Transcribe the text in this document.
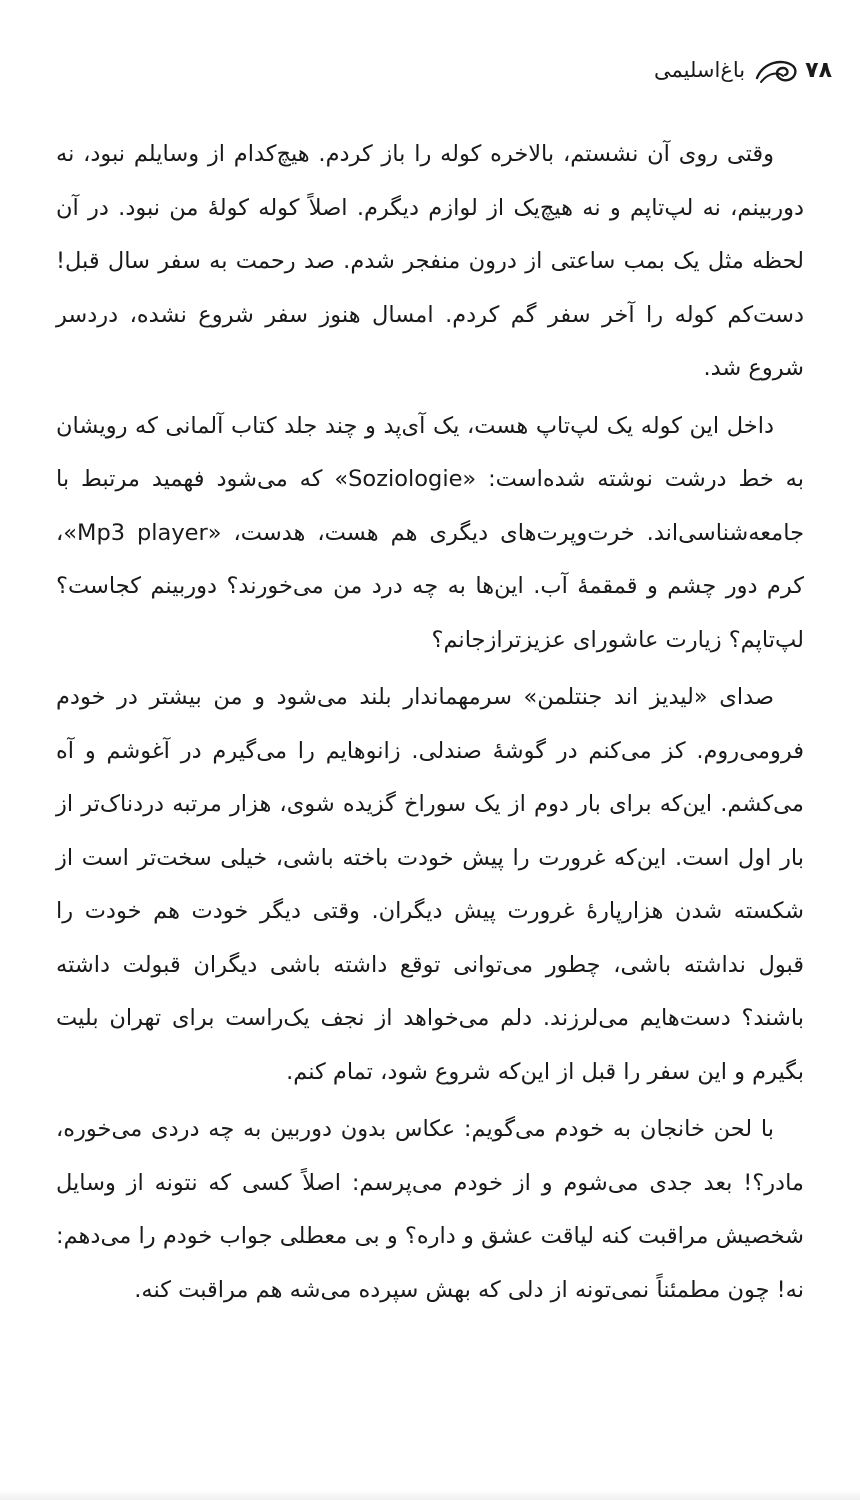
۷۸
باغ‌اسلیمی

وقتی روی آن نشستم، بالاخره کوله را باز کردم. هیچ‌کدام از وسایلم نبود، نه دوربینم، نه لپ‌تاپم و نه هیچ‌یک از لوازم دیگرم. اصلاً کوله کولهٔ من نبود. در آن لحظه مثل یک بمب ساعتی از درون منفجر شدم. صد رحمت به سفر سال قبل! دست‌کم کوله را آخر سفر گم کردم. امسال هنوز سفر شروع نشده، دردسر شروع شد.

داخل این کوله یک لپ‌تاپ هست، یک آی‌پد و چند جلد کتاب آلمانی که رویشان به خط درشت نوشته شده‌است: «Soziologie» که می‌شود فهمید مرتبط با جامعه‌شناسی‌اند. خرت‌وپرت‌های دیگری هم هست، هدست، «Mp3 player»، کرم دور چشم و قمقمهٔ آب. این‌ها به چه درد من می‌خورند؟ دوربینم کجاست؟ لپ‌تاپم؟ زیارت عاشورای عزیزترازجانم؟

صدای «لیدیز اند جنتلمن» سرمهماندار بلند می‌شود و من بیشتر در خودم فرومی‌روم. کز می‌کنم در گوشهٔ صندلی. زانوهایم را می‌گیرم در آغوشم و آه می‌کشم. این‌که برای بار دوم از یک سوراخ گزیده شوی، هزار مرتبه دردناک‌تر از بار اول است. این‌که غرورت را پیش خودت باخته باشی، خیلی سخت‌تر است از شکسته شدن هزارپارهٔ غرورت پیش دیگران. وقتی دیگر خودت هم خودت را قبول نداشته باشی، چطور می‌توانی توقع داشته باشی دیگران قبولت داشته باشند؟ دست‌هایم می‌لرزند. دلم می‌خواهد از نجف یک‌راست برای تهران بلیت بگیرم و این سفر را قبل از این‌که شروع شود، تمام کنم.

با لحن خانجان به خودم می‌گویم: عکاس بدون دوربین به چه دردی می‌خوره، مادر؟! بعد جدی می‌شوم و از خودم می‌پرسم: اصلاً کسی که نتونه از وسایل شخصیش مراقبت کنه لیاقت عشق و داره؟ و بی معطلی جواب خودم را می‌دهم: نه! چون مطمئناً نمی‌تونه از دلی که بهش سپرده می‌شه هم مراقبت کنه.
